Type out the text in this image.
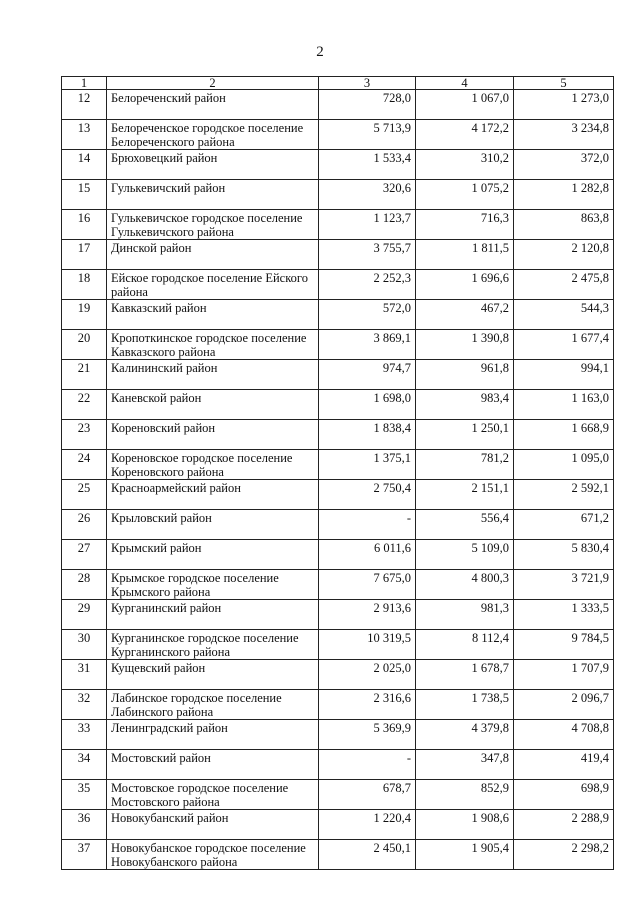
2
1	2	3	4	5
12	Белореченский район	728,0	1 067,0	1 273,0
13	Белореченское городское поселение Белореченского района	5 713,9	4 172,2	3 234,8
14	Брюховецкий район	1 533,4	310,2	372,0
15	Гулькевичский район	320,6	1 075,2	1 282,8
16	Гулькевичское городское поселение Гулькевичского района	1 123,7	716,3	863,8
17	Динской район	3 755,7	1 811,5	2 120,8
18	Ейское городское поселение Ейского района	2 252,3	1 696,6	2 475,8
19	Кавказский район	572,0	467,2	544,3
20	Кропоткинское городское поселение Кавказского района	3 869,1	1 390,8	1 677,4
21	Калининский район	974,7	961,8	994,1
22	Каневской район	1 698,0	983,4	1 163,0
23	Кореновский район	1 838,4	1 250,1	1 668,9
24	Кореновское городское поселение Кореновского района	1 375,1	781,2	1 095,0
25	Красноармейский район	2 750,4	2 151,1	2 592,1
26	Крыловский район	-	556,4	671,2
27	Крымский район	6 011,6	5 109,0	5 830,4
28	Крымское городское поселение Крымского района	7 675,0	4 800,3	3 721,9
29	Курганинский район	2 913,6	981,3	1 333,5
30	Курганинское городское поселение Курганинского района	10 319,5	8 112,4	9 784,5
31	Кущевский район	2 025,0	1 678,7	1 707,9
32	Лабинское городское поселение Лабинского района	2 316,6	1 738,5	2 096,7
33	Ленинградский район	5 369,9	4 379,8	4 708,8
34	Мостовский район	-	347,8	419,4
35	Мостовское городское поселение Мостовского района	678,7	852,9	698,9
36	Новокубанский район	1 220,4	1 908,6	2 288,9
37	Новокубанское городское поселение Новокубанского района	2 450,1	1 905,4	2 298,2
